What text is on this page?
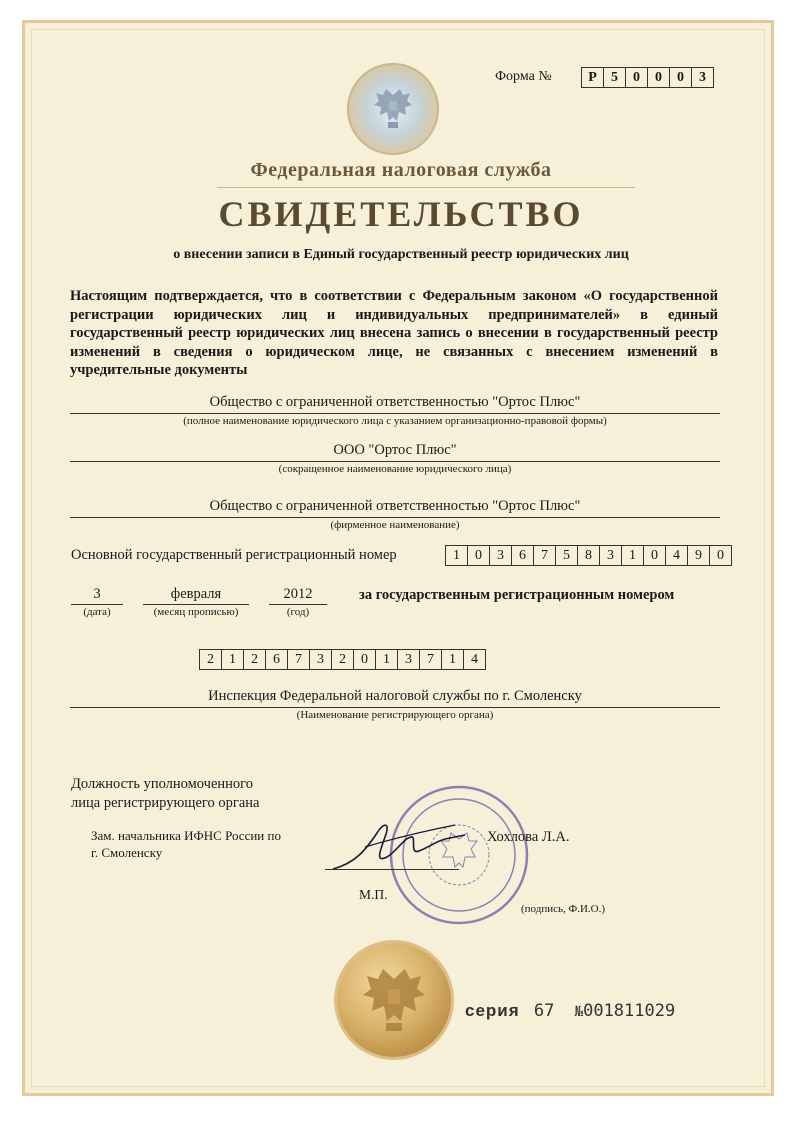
Форма №	Р	5	0	0	0	3
Федеральная налоговая служба
СВИДЕТЕЛЬСТВО
о внесении записи в Единый государственный реестр юридических лиц
Настоящим подтверждается, что в соответствии с Федеральным законом «О государственной регистрации юридических лиц и индивидуальных предпринимателей» в единый государственный реестр юридических лиц внесена запись о внесении в государственный реестр изменений в сведения о юридическом лице, не связанных с внесением изменений в учредительные документы
Общество с ограниченной ответственностью "Ортос Плюс"
(полное наименование юридического лица с указанием организационно-правовой формы)
ООО "Ортос Плюс"
(сокращенное наименование юридического лица)
Общество с ограниченной ответственностью "Ортос Плюс"
(фирменное наименование)
Основной государственный регистрационный номер	1	0	3	6	7	5	8	3	1	0	4	9	0
3
(дата)
февраля
(месяц прописью)
2012
(год)
за государственным регистрационным номером
2	1	2	6	7	3	2	0	1	3	7	1	4
Инспекция Федеральной налоговой службы по г. Смоленску
(Наименование регистрирующего органа)
Должность уполномоченного
лица регистрирующего органа
Зам. начальника ИФНС России по
г. Смоленску
Хохлова Л.А.
М.П.
(подпись, Ф.И.О.)
серия 67 №001811029
